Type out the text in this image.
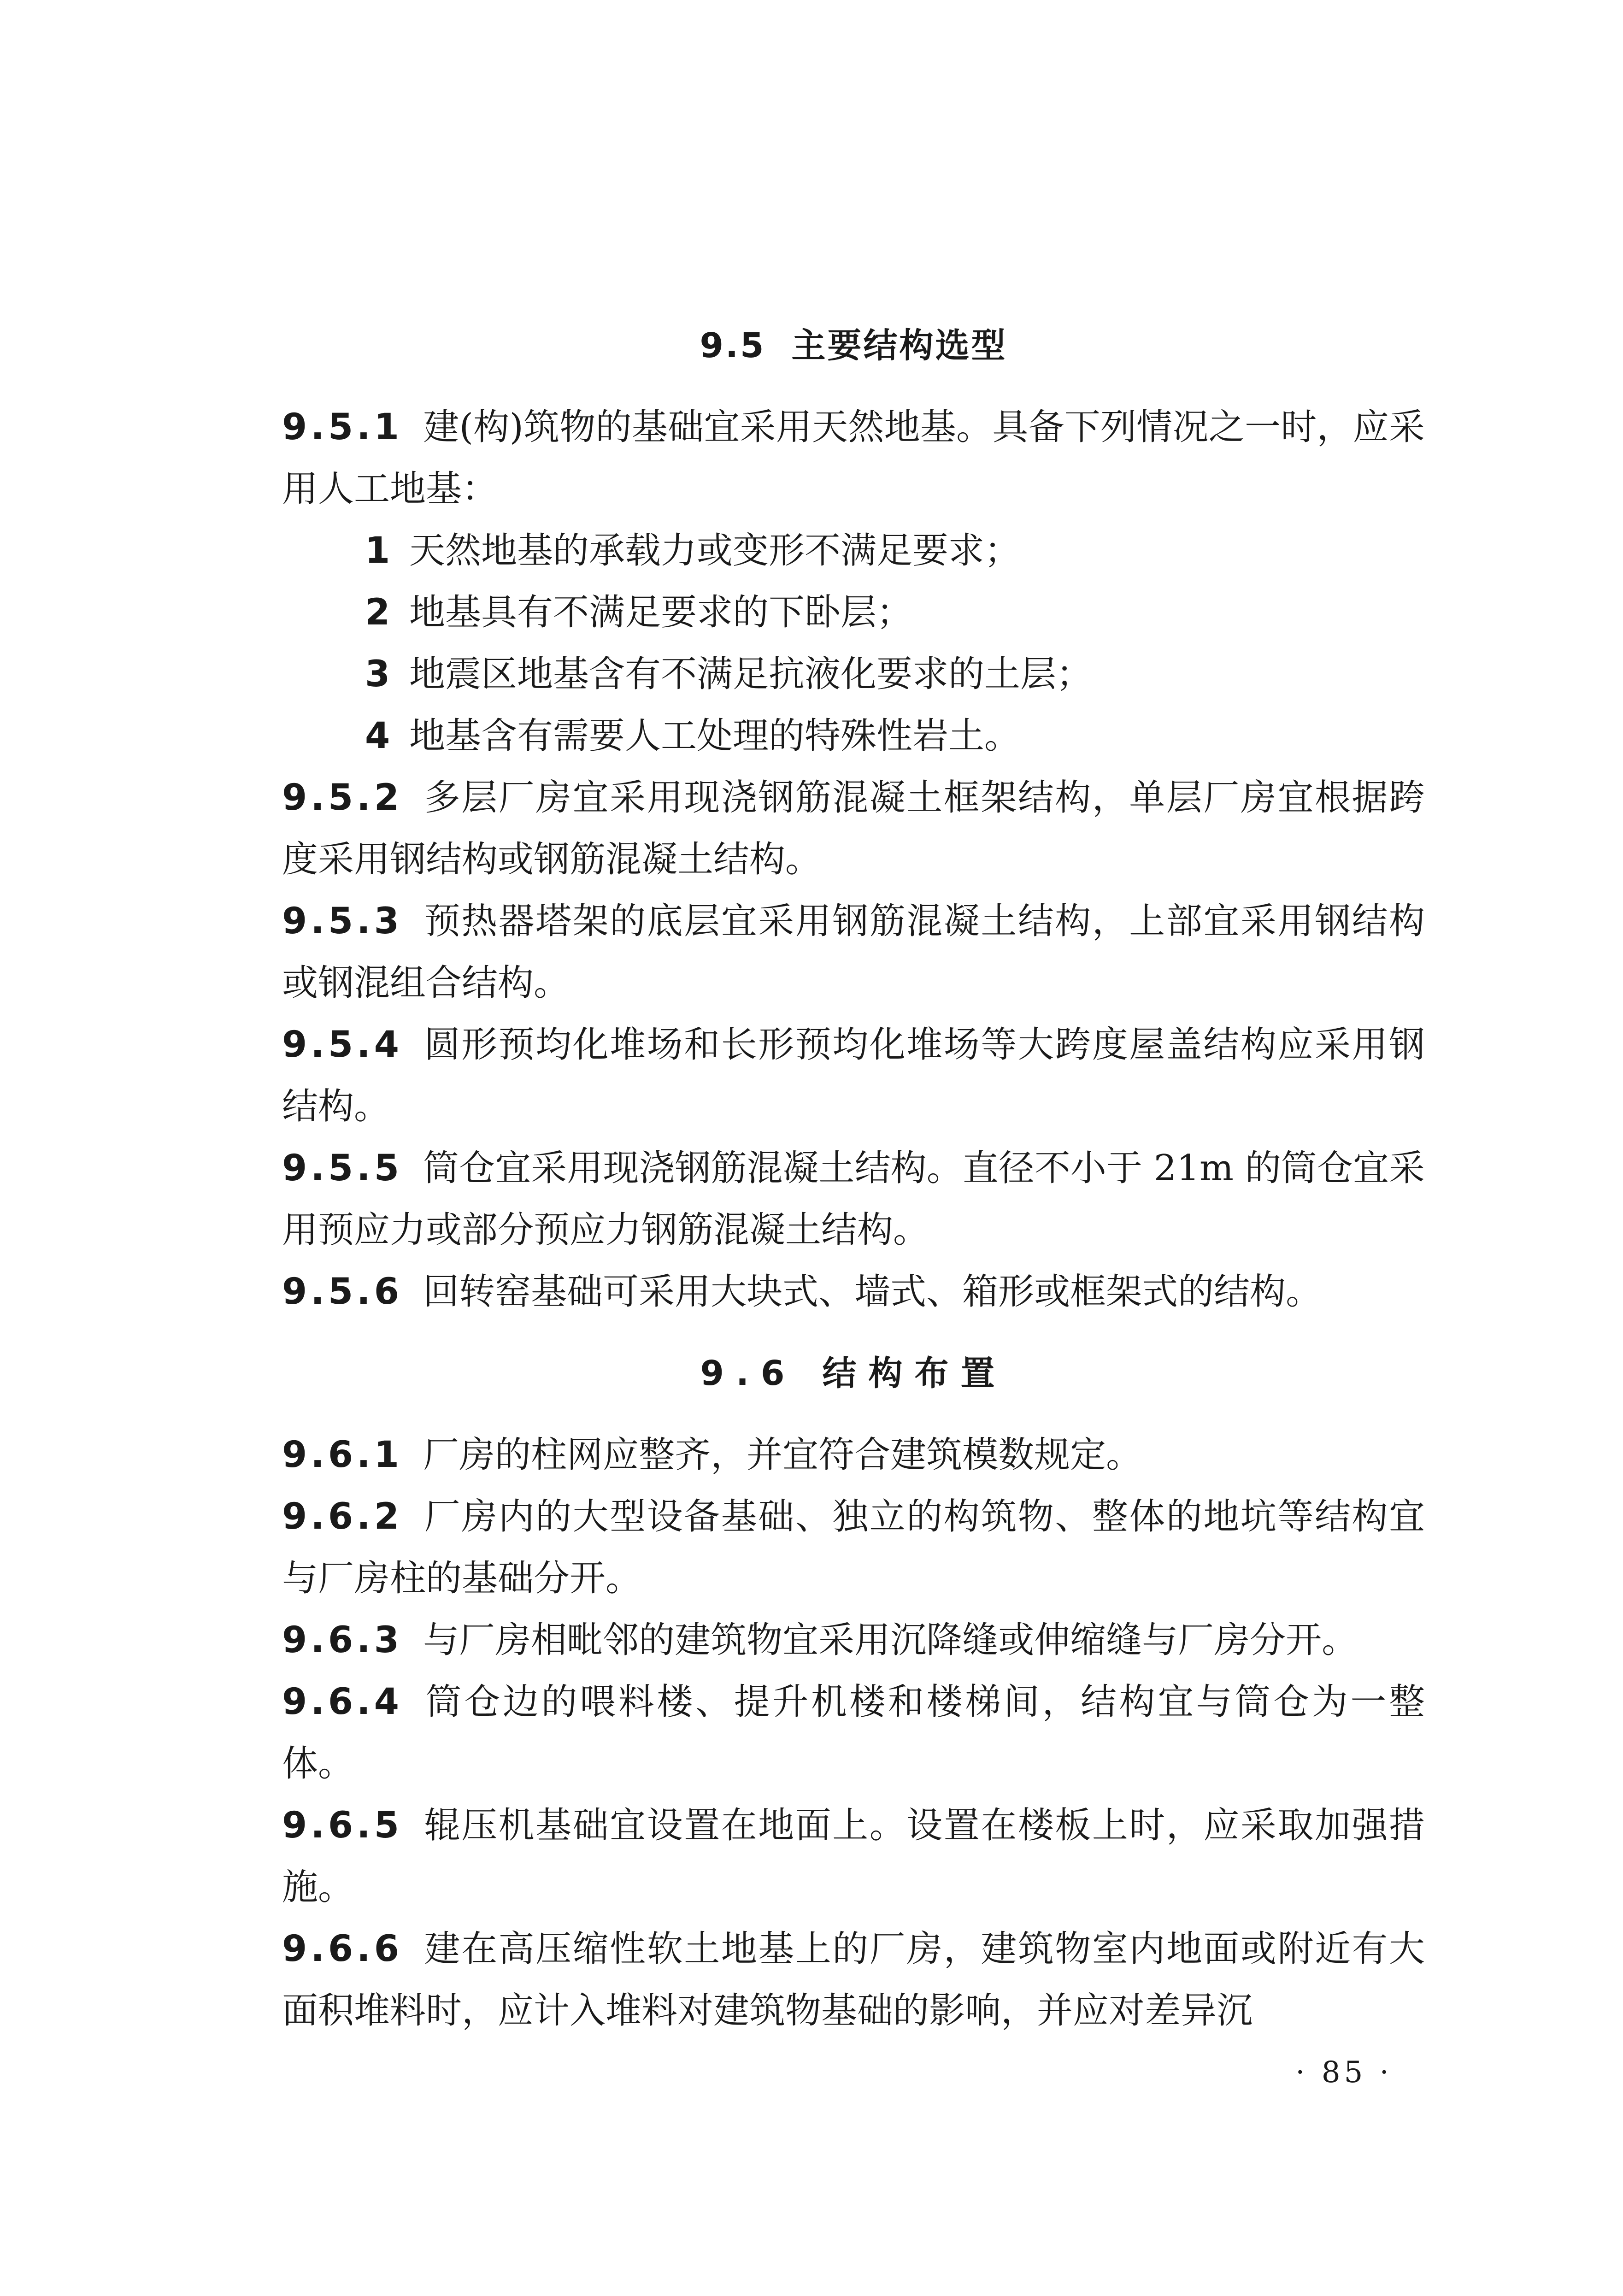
9.5 主要结构选型

9.5.1 建(构)筑物的基础宜采用天然地基。具备下列情况之一时，应采用人工地基：

1 天然地基的承载力或变形不满足要求；

2 地基具有不满足要求的下卧层；

3 地震区地基含有不满足抗液化要求的土层；

4 地基含有需要人工处理的特殊性岩土。

9.5.2 多层厂房宜采用现浇钢筋混凝土框架结构，单层厂房宜根据跨度采用钢结构或钢筋混凝土结构。

9.5.3 预热器塔架的底层宜采用钢筋混凝土结构，上部宜采用钢结构或钢混组合结构。

9.5.4 圆形预均化堆场和长形预均化堆场等大跨度屋盖结构应采用钢结构。

9.5.5 筒仓宜采用现浇钢筋混凝土结构。直径不小于 21m 的筒仓宜采用预应力或部分预应力钢筋混凝土结构。

9.5.6 回转窑基础可采用大块式、墙式、箱形或框架式的结构。

9.6 结构布置

9.6.1 厂房的柱网应整齐，并宜符合建筑模数规定。

9.6.2 厂房内的大型设备基础、独立的构筑物、整体的地坑等结构宜与厂房柱的基础分开。

9.6.3 与厂房相毗邻的建筑物宜采用沉降缝或伸缩缝与厂房分开。

9.6.4 筒仓边的喂料楼、提升机楼和楼梯间，结构宜与筒仓为一整体。

9.6.5 辊压机基础宜设置在地面上。设置在楼板上时，应采取加强措施。

9.6.6 建在高压缩性软土地基上的厂房，建筑物室内地面或附近有大面积堆料时，应计入堆料对建筑物基础的影响，并应对差异沉

· 85 ·
